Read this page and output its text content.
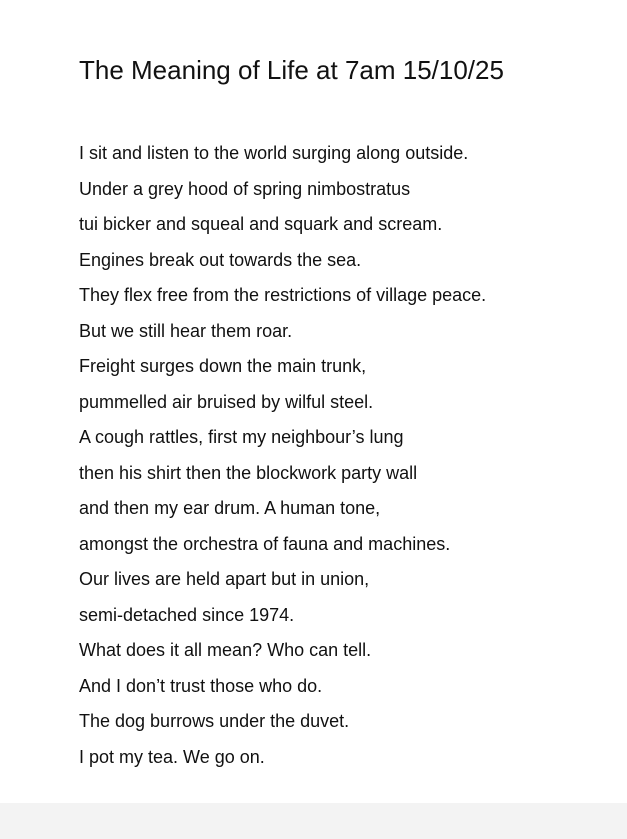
The Meaning of Life at 7am 15/10/25
I sit and listen to the world surging along outside.
Under a grey hood of spring nimbostratus
tui bicker and squeal and squark and scream.
Engines break out towards the sea.
They flex free from the restrictions of village peace.
But we still hear them roar.
Freight surges down the main trunk,
pummelled air bruised by wilful steel.
A cough rattles, first my neighbour’s lung
then his shirt then the blockwork party wall
and then my ear drum. A human tone,
amongst the orchestra of fauna and machines.
Our lives are held apart but in union,
semi-detached since 1974.
What does it all mean? Who can tell.
And I don’t trust those who do.
The dog burrows under the duvet.
I pot my tea. We go on.
